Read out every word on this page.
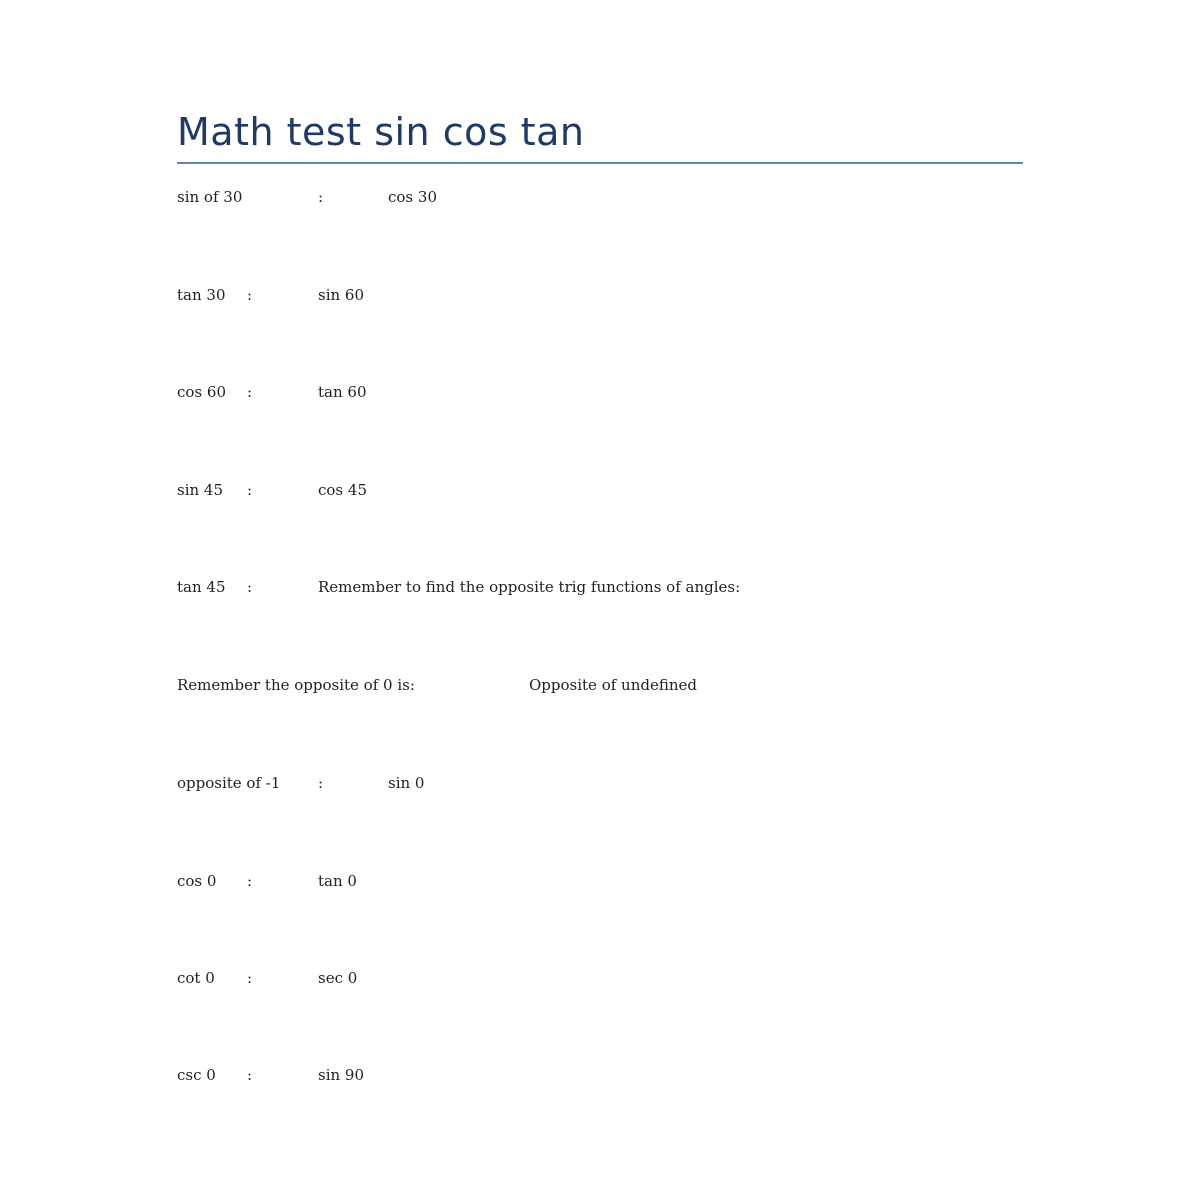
Math test sin cos tan
sin of 30	:	cos 30
tan 30 :	sin 60
cos 60 :	tan 60
sin 45 :	cos 45
tan 45 :	Remember to find the opposite trig functions of angles:
Remember the opposite of 0 is:	Opposite of undefined
opposite of -1	:	sin 0
cos 0 :	tan 0
cot 0 :	sec 0
csc 0 :	sin 90
